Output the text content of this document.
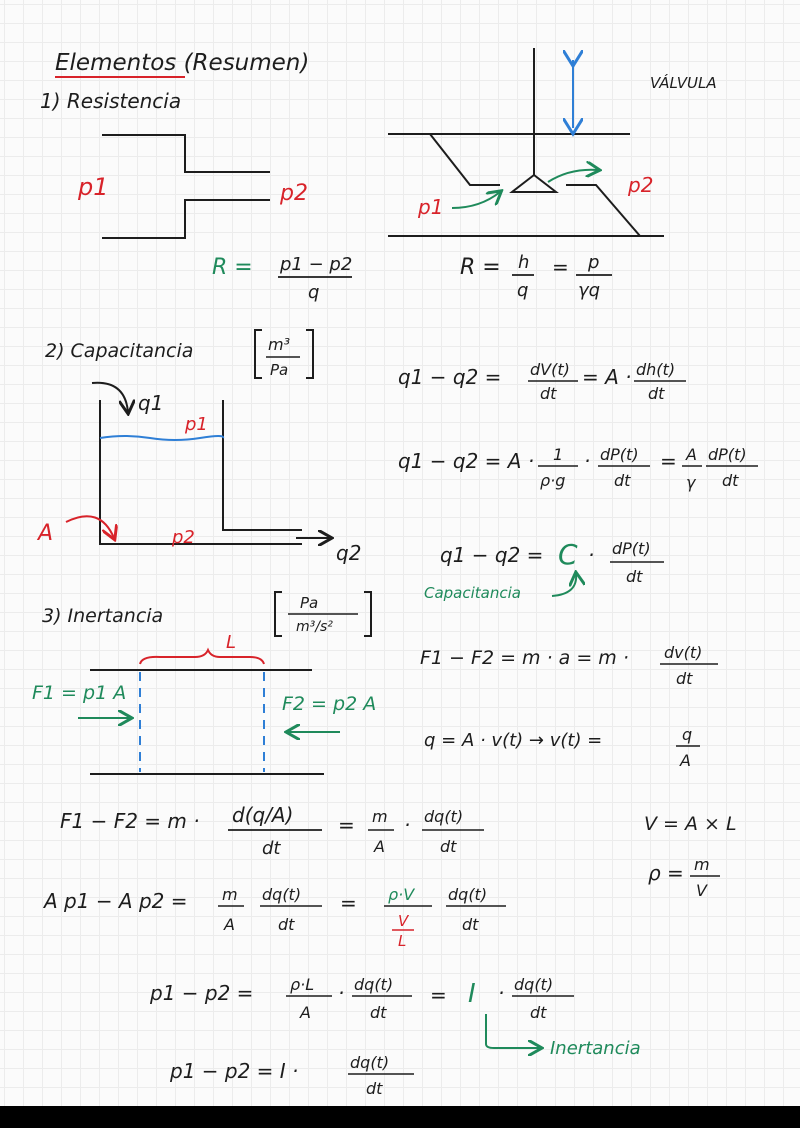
Elementos (Resumen)
1) Resistencia
p1	p2
R = p1 − p2
q
VÁLVULA
p1
p2
R = h
q
= p
γq
2) Capacitancia	m³
Pa
q1
p1
A	p2
q2
q1 − q2 = dV(t)
dt
= A · dh(t)
dt
q1 − q2 = A · 1
ρ·g
· dP(t)
dt
= A
γ
dP(t)
dt
q1 − q2 = C · dP(t)
dt
Capacitancia
3) Inertancia
Pa
m³/s²
L
F1 = p1 A	F2 = p2 A
F1 − F2 = m · a = m · dv(t)
dt
q = A · v(t) → v(t) =	q
A
F1 − F2 = m · d(q/A)
dt
= m
A
· dq(t)
dt
V = A × L
ρ = m
V
A p1 − A p2 = m
A
dq(t)
dt
= ρ·V
V
L
dq(t)
dt
p1 − p2 = ρ·L
A
· dq(t)
dt
= I · dq(t)
dt
Inertancia
p1 − p2 = I ·	dq(t)
dt
